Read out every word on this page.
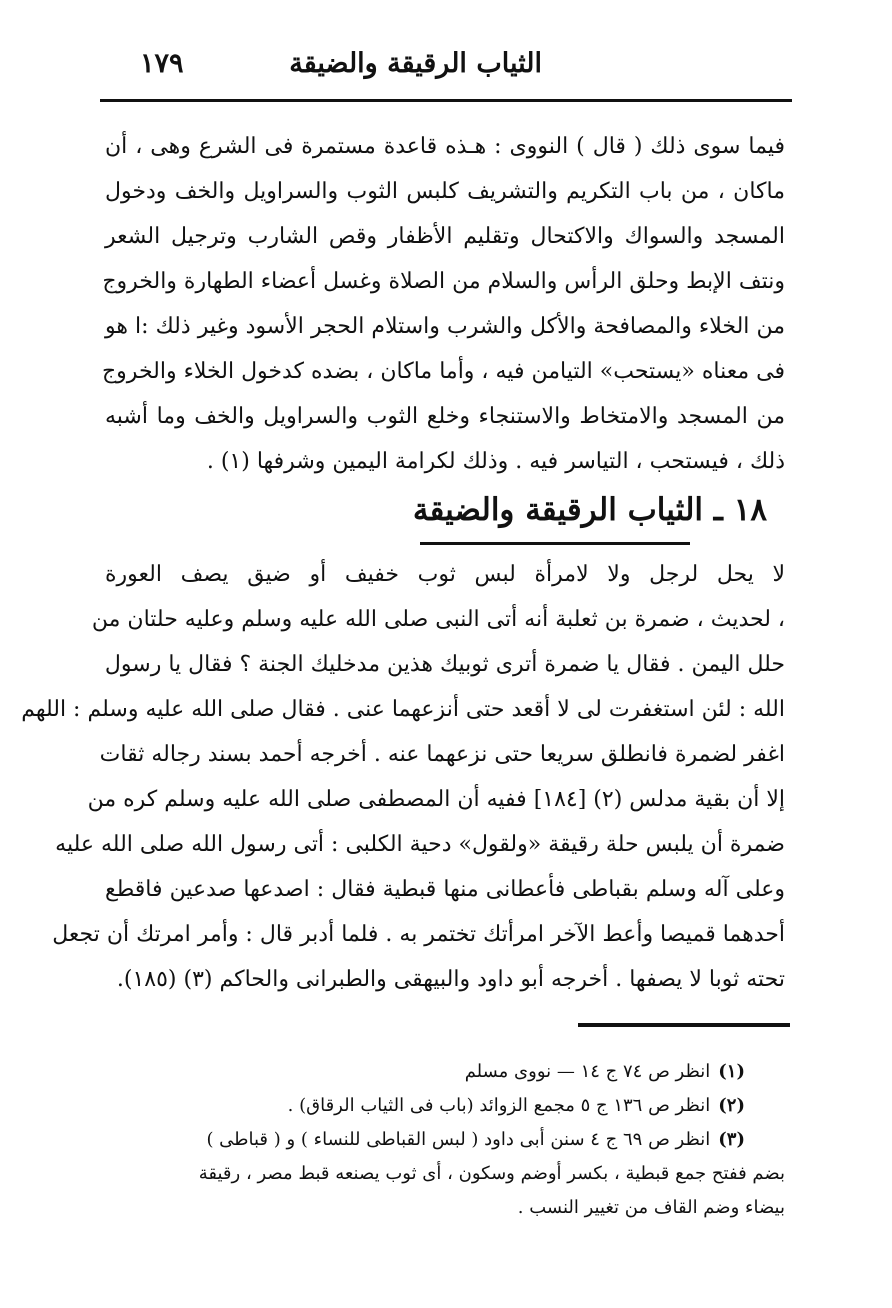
الثياب الرقيقة والضيقة
١٧٩
فيما سوى ذلك ( قال ) النووى : هـذه قاعدة مستمرة فى الشرع وهى ، أن
ماكان ، من باب التكريم والتشريف كلبس الثوب والسراويل والخف ودخول
المسجد والسواك والاكتحال وتقليم الأظفار وقص الشارب وترجيل الشعر
ونتف الإبط وحلق الرأس والسلام من الصلاة وغسل أعضاء الطهارة والخروج
من الخلاء والمصافحة والأكل والشرب واستلام الحجر الأسود وغير ذلك :ا هو
فى معناه «يستحب» التيامن فيه ، وأما ماكان ، بضده كدخول الخلاء والخروج
من المسجد والامتخاط والاستنجاء وخلع الثوب والسراويل والخف وما أشبه
ذلك ، فيستحب ، التياسر فيه . وذلك لكرامة اليمين وشرفها (١) .
١٨ ـ الثياب الرقيقة والضيقة
لا يحل لرجل ولا لامرأة لبس ثوب خفيف أو ضيق يصف العورة
، لحديث ، ضمرة بن ثعلبة أنه أتى النبى صلى الله عليه وسلم وعليه حلتان من
حلل اليمن . فقال يا ضمرة أترى ثوبيك هذين مدخليك الجنة ؟ فقال يا رسول
الله : لئن استغفرت لى لا أقعد حتى أنزعهما عنى . فقال صلى الله عليه وسلم : اللهم
اغفر لضمرة فانطلق سريعا حتى نزعهما عنه . أخرجه أحمد بسند رجاله ثقات
إلا أن بقية مدلس (٢) [١٨٤] ففيه أن المصطفى صلى الله عليه وسلم كره من
ضمرة أن يلبس حلة رقيقة «ولقول» دحية الكلبى : أتى رسول الله صلى الله عليه
وعلى آله وسلم بقباطى فأعطانى منها قبطية فقال : اصدعها صدعين فاقطع
أحدهما قميصا وأعط الآخر امرأتك تختمر به . فلما أدبر قال : وأمر امرتك أن تجعل
تحته ثوبا لا يصفها . أخرجه أبو داود والبيهقى والطبرانى والحاكم (٣) (١٨٥).
(١)انظر ص ٧٤ ج ١٤ — نووى مسلم
(٢)انظر ص ١٣٦ ج ٥ مجمع الزوائد (باب فى الثياب الرقاق) .
(٣)انظر ص ٦٩ ج ٤ سنن أبى داود ( لبس القباطى للنساء ) و ( قباطى )
بضم ففتح جمع قبطية ، بكسر أوضم وسكون ، أى ثوب يصنعه قبط مصر ، رقيقة
بيضاء وضم القاف من تغيير النسب .
